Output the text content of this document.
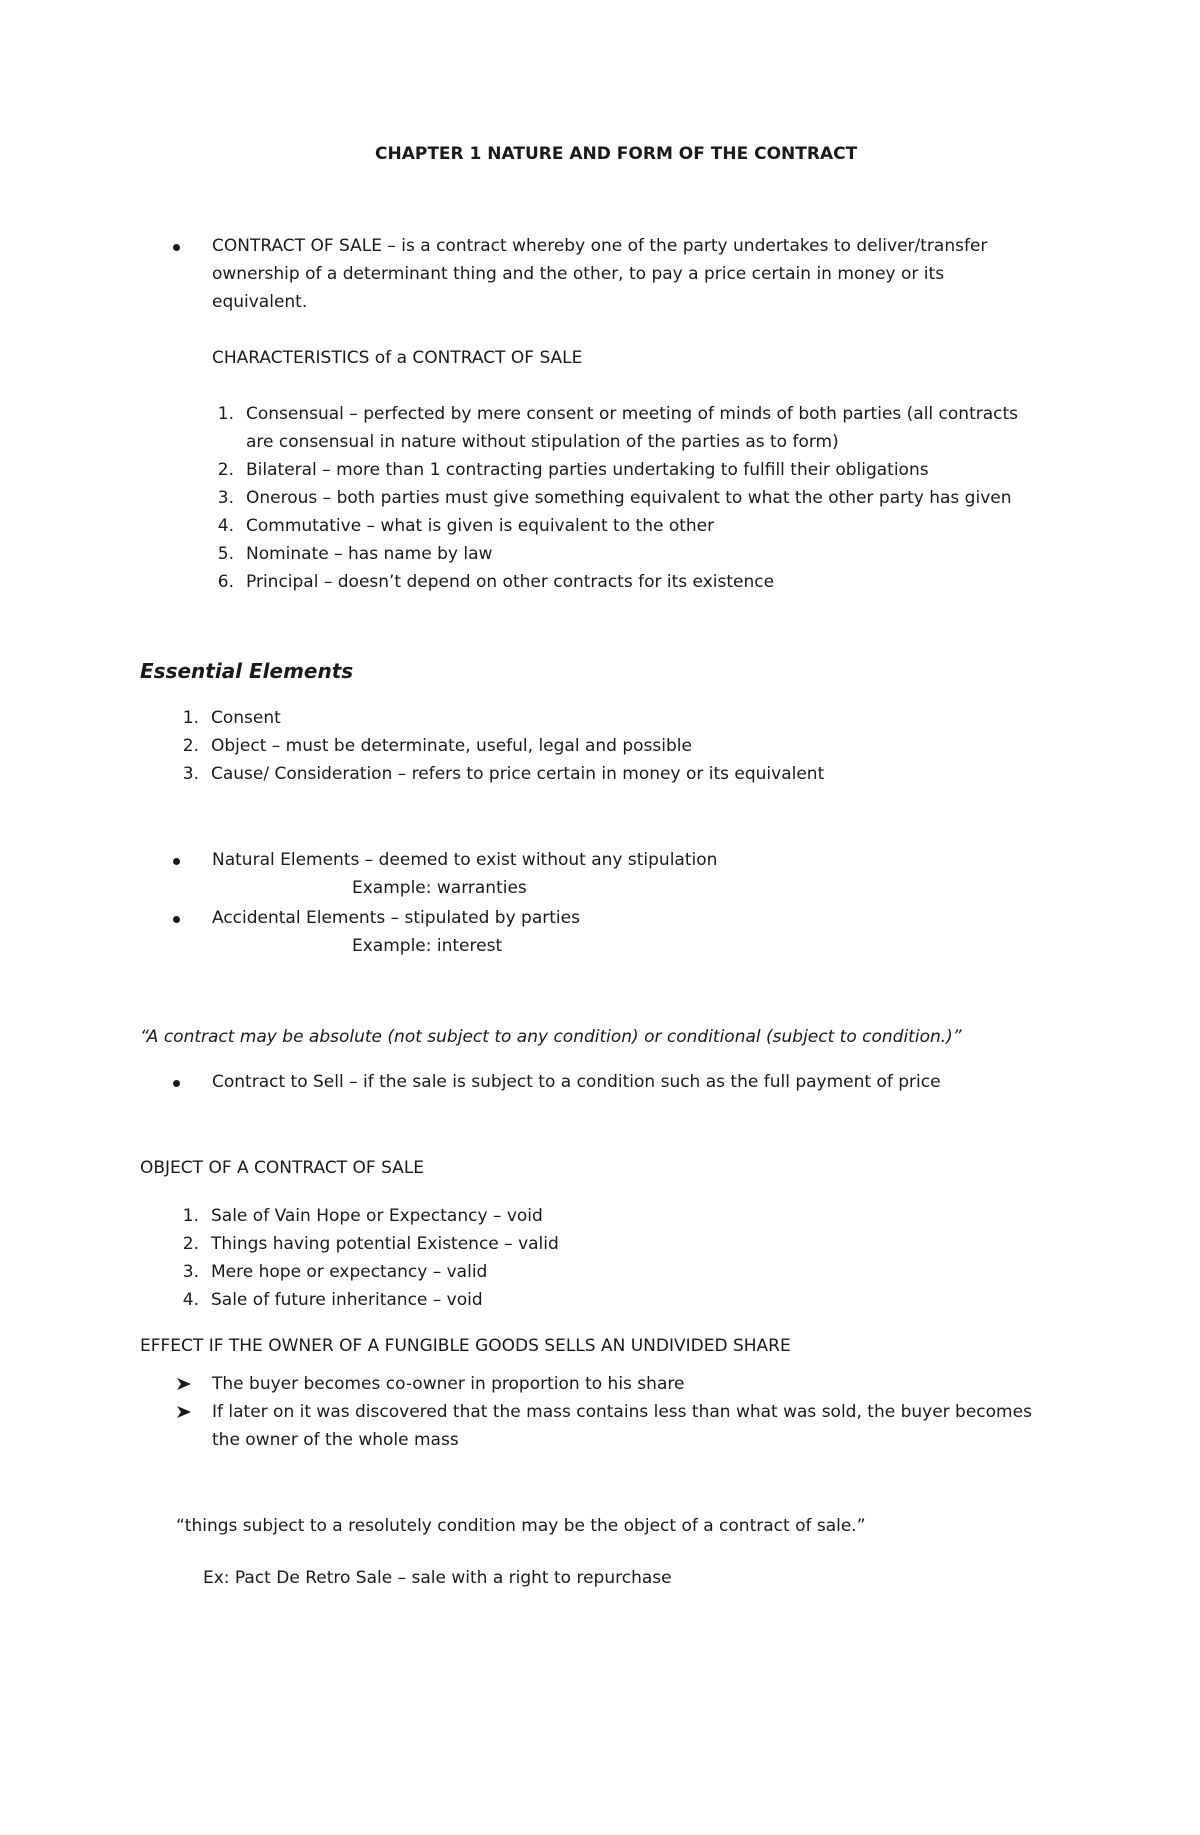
CHAPTER 1 NATURE AND FORM OF THE CONTRACT
CONTRACT OF SALE – is a contract whereby one of the party undertakes to deliver/transfer
ownership of a determinant thing and the other, to pay a price certain in money or its
equivalent.
CHARACTERISTICS of a CONTRACT OF SALE
1. Consensual – perfected by mere consent or meeting of minds of both parties (all contracts
are consensual in nature without stipulation of the parties as to form)
2. Bilateral – more than 1 contracting parties undertaking to fulfill their obligations
3. Onerous – both parties must give something equivalent to what the other party has given
4. Commutative – what is given is equivalent to the other
5. Nominate – has name by law
6. Principal – doesn’t depend on other contracts for its existence
Essential Elements
1. Consent
2. Object – must be determinate, useful, legal and possible
3. Cause/ Consideration – refers to price certain in money or its equivalent
Natural Elements – deemed to exist without any stipulation
Example: warranties
Accidental Elements – stipulated by parties
Example: interest
“A contract may be absolute (not subject to any condition) or conditional (subject to condition.)”
Contract to Sell – if the sale is subject to a condition such as the full payment of price
OBJECT OF A CONTRACT OF SALE
1. Sale of Vain Hope or Expectancy – void
2. Things having potential Existence – valid
3. Mere hope or expectancy – valid
4. Sale of future inheritance – void
EFFECT IF THE OWNER OF A FUNGIBLE GOODS SELLS AN UNDIVIDED SHARE
The buyer becomes co-owner in proportion to his share
If later on it was discovered that the mass contains less than what was sold, the buyer becomes
the owner of the whole mass
“things subject to a resolutely condition may be the object of a contract of sale.”
Ex: Pact De Retro Sale – sale with a right to repurchase
